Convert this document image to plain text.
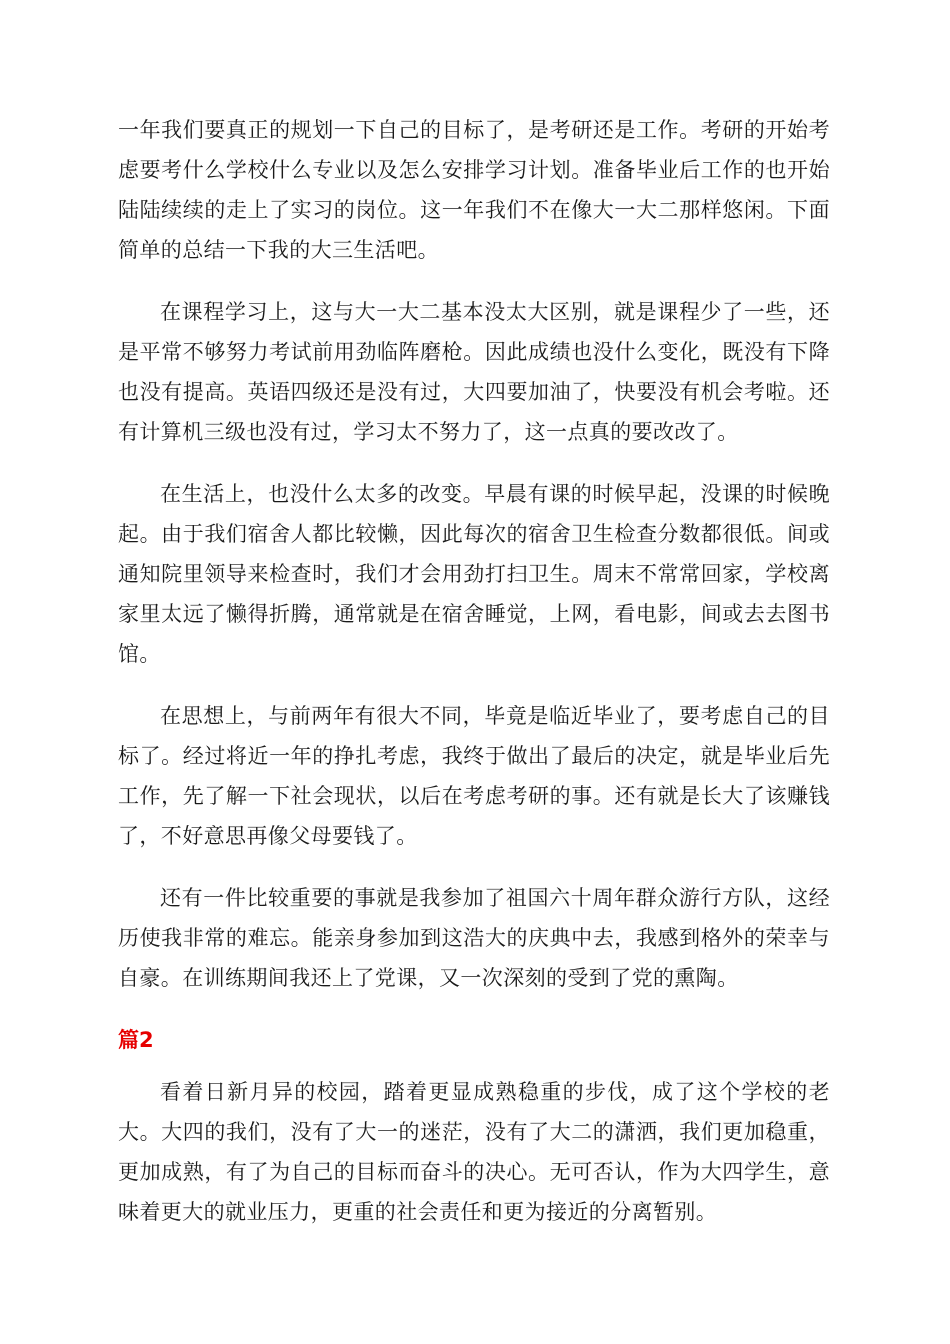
一年我们要真正的规划一下自己的目标了，是考研还是工作。考研的开始考虑要考什么学校什么专业以及怎么安排学习计划。准备毕业后工作的也开始陆陆续续的走上了实习的岗位。这一年我们不在像大一大二那样悠闲。下面简单的总结一下我的大三生活吧。

在课程学习上，这与大一大二基本没太大区别，就是课程少了一些，还是平常不够努力考试前用劲临阵磨枪。因此成绩也没什么变化，既没有下降也没有提高。英语四级还是没有过，大四要加油了，快要没有机会考啦。还有计算机三级也没有过，学习太不努力了，这一点真的要改改了。

在生活上，也没什么太多的改变。早晨有课的时候早起，没课的时候晚起。由于我们宿舍人都比较懒，因此每次的宿舍卫生检查分数都很低。间或通知院里领导来检查时，我们才会用劲打扫卫生。周末不常常回家，学校离家里太远了懒得折腾，通常就是在宿舍睡觉，上网，看电影，间或去去图书馆。

在思想上，与前两年有很大不同，毕竟是临近毕业了，要考虑自己的目标了。经过将近一年的挣扎考虑，我终于做出了最后的决定，就是毕业后先工作，先了解一下社会现状，以后在考虑考研的事。还有就是长大了该赚钱了，不好意思再像父母要钱了。

还有一件比较重要的事就是我参加了祖国六十周年群众游行方队，这经历使我非常的难忘。能亲身参加到这浩大的庆典中去，我感到格外的荣幸与自豪。在训练期间我还上了党课，又一次深刻的受到了党的熏陶。

篇2

看着日新月异的校园，踏着更显成熟稳重的步伐，成了这个学校的老大。大四的我们，没有了大一的迷茫，没有了大二的潇洒，我们更加稳重，更加成熟，有了为自己的目标而奋斗的决心。无可否认，作为大四学生，意味着更大的就业压力，更重的社会责任和更为接近的分离暂别。
